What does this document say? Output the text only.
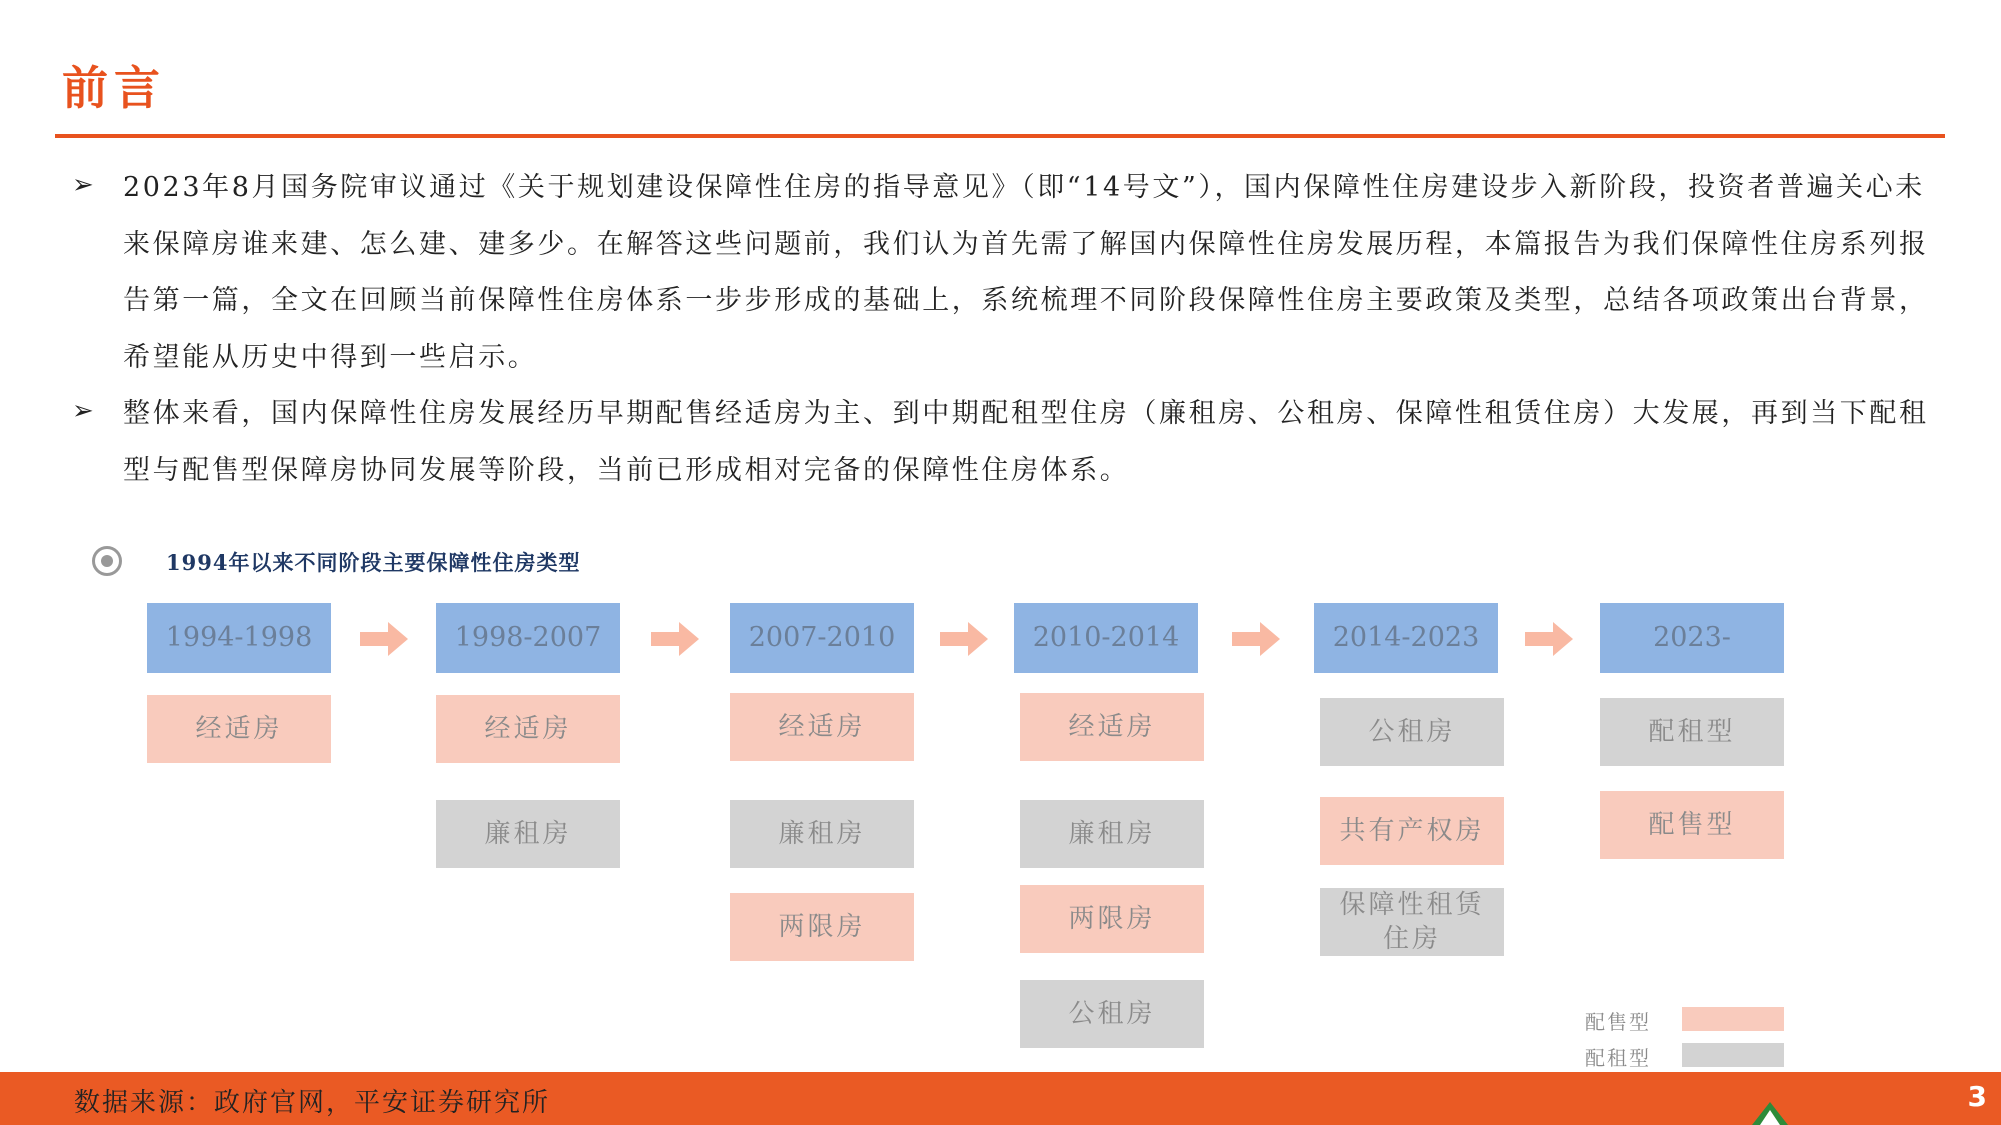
前言
➢ 2023年8月国务院审议通过《关于规划建设保障性住房的指导意见》（即“14号文”），国内保障性住房建设步入新阶段，投资者普遍关心未来保障房谁来建、怎么建、建多少。在解答这些问题前，我们认为首先需了解国内保障性住房发展历程，本篇报告为我们保障性住房系列报告第一篇，全文在回顾当前保障性住房体系一步步形成的基础上，系统梳理不同阶段保障性住房主要政策及类型，总结各项政策出台背景，希望能从历史中得到一些启示。
➢ 整体来看，国内保障性住房发展经历早期配售经适房为主、到中期配租型住房（廉租房、公租房、保障性租赁住房）大发展，再到当下配租型与配售型保障房协同发展等阶段，当前已形成相对完备的保障性住房体系。
1994年以来不同阶段主要保障性住房类型
1994-1998
经适房
1998-2007
经适房
廉租房
2007-2010
经适房
廉租房
两限房
2010-2014
经适房
廉租房
两限房
公租房
2014-2023
公租房
共有产权房
保障性租赁住房
2023-
配租型
配售型
配售型
配租型
数据来源：政府官网，平安证券研究所	3
